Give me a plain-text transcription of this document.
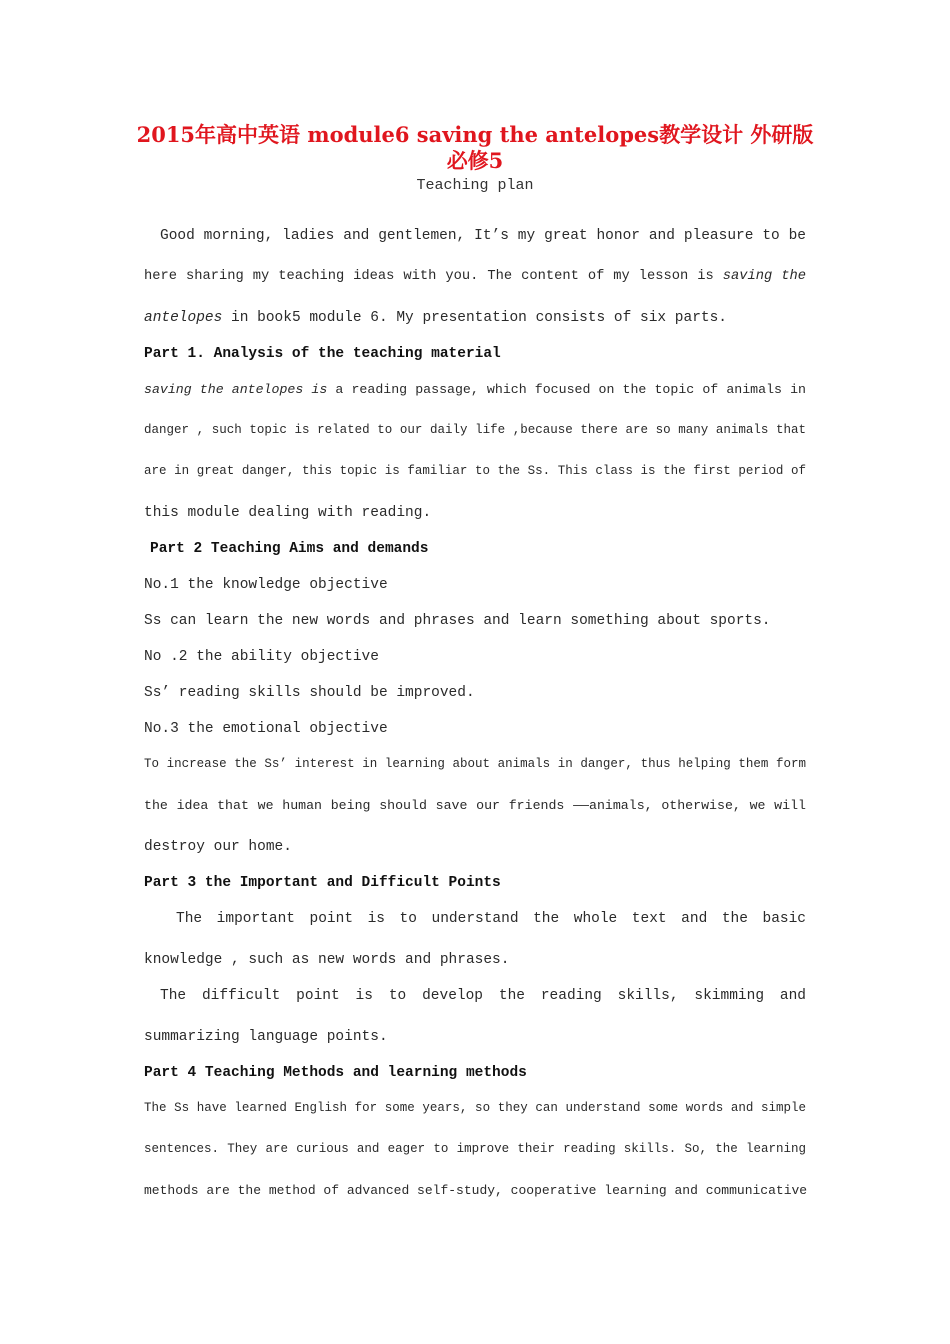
2015年高中英语 module6 saving the antelopes教学设计 外研版
必修5
Teaching plan
Good morning, ladies and gentlemen, It’s my great honor and pleasure to be
here sharing my teaching ideas with you. The content of my lesson is saving the
antelopes in book5 module 6. My presentation consists of six parts.
Part 1. Analysis of the teaching material
saving the antelopes is a reading passage, which focused on the topic of animals in
danger , such topic is related to our daily life ,because there are so many animals that
are in great danger, this topic is familiar to the Ss. This class is the first period of
this module dealing with reading.
Part 2 Teaching Aims and demands
No.1 the knowledge objective
Ss can learn the new words and phrases and learn something about sports.
No .2 the ability objective
Ss’ reading skills should be improved.
No.3 the emotional objective
To increase the Ss’ interest in learning about animals in danger, thus helping them form
the idea that we human being should save our friends ——animals, otherwise, we will
destroy our home.
Part 3 the Important and Difficult Points
The important point is to understand the whole text and the basic
knowledge , such as new words and phrases.
The difficult point is to develop the reading skills, skimming and
summarizing language points.
Part 4 Teaching Methods and learning methods
The Ss have learned English for some years, so they can understand some words and simple
sentences. They are curious and eager to improve their reading skills. So, the learning
methods are the method of advanced self-study, cooperative learning and communicative
